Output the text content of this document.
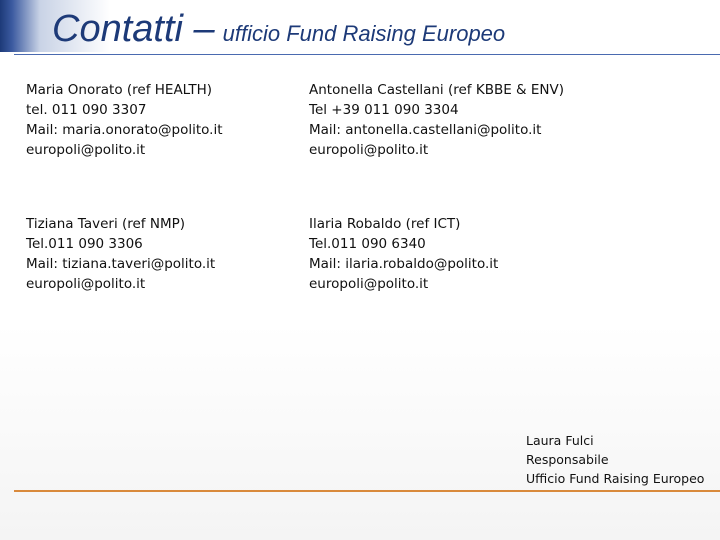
Contatti – ufficio Fund Raising Europeo
Maria Onorato (ref HEALTH)
tel. 011 090 3307
Mail: maria.onorato@polito.it
europoli@polito.it
Antonella Castellani (ref KBBE & ENV)
Tel +39 011 090 3304
Mail: antonella.castellani@polito.it
europoli@polito.it
Tiziana Taveri (ref NMP)
Tel.011 090 3306
Mail: tiziana.taveri@polito.it
europoli@polito.it
Ilaria Robaldo (ref ICT)
Tel.011 090 6340
Mail: ilaria.robaldo@polito.it
europoli@polito.it
Laura Fulci
Responsabile
Ufficio Fund Raising Europeo
